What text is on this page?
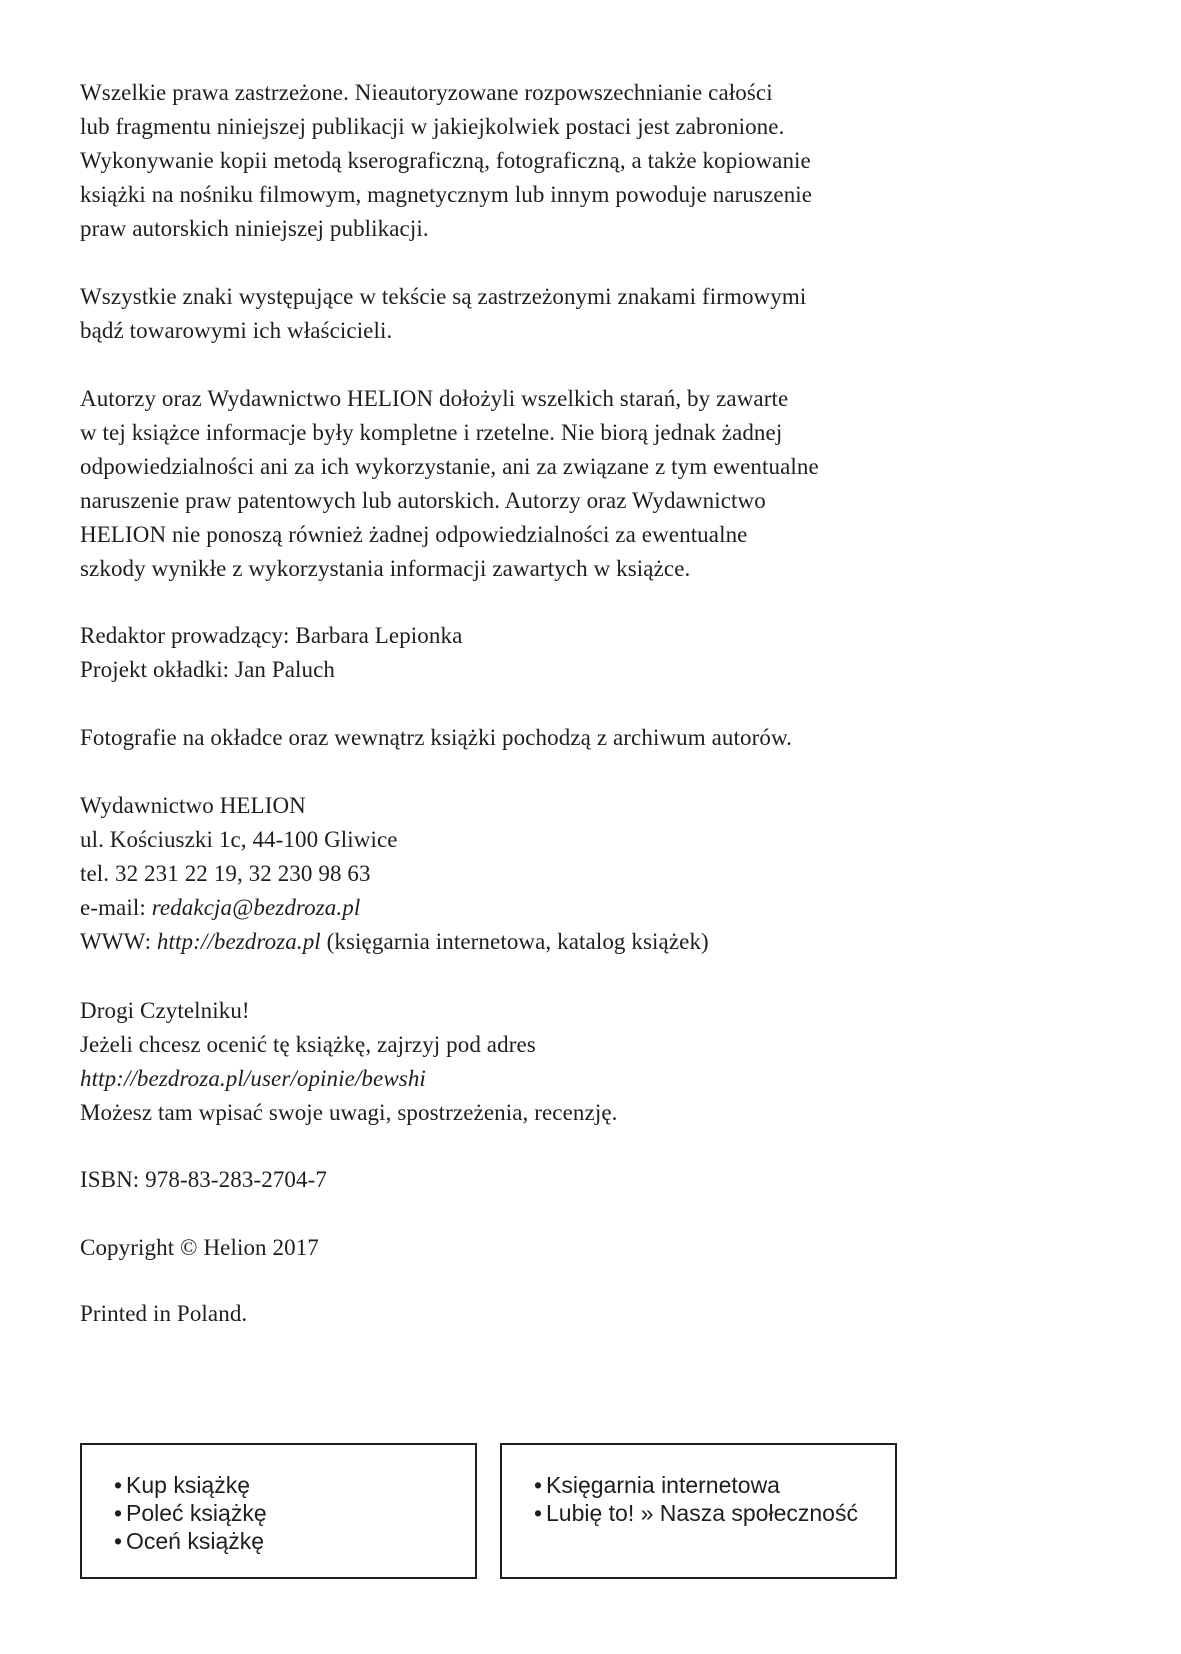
Wszelkie prawa zastrzeżone. Nieautoryzowane rozpowszechnianie całości
lub fragmentu niniejszej publikacji w jakiejkolwiek postaci jest zabronione.
Wykonywanie kopii metodą kserograficzną, fotograficzną, a także kopiowanie
książki na nośniku filmowym, magnetycznym lub innym powoduje naruszenie
praw autorskich niniejszej publikacji.
Wszystkie znaki występujące w tekście są zastrzeżonymi znakami firmowymi
bądź towarowymi ich właścicieli.
Autorzy oraz Wydawnictwo HELION dołożyli wszelkich starań, by zawarte
w tej książce informacje były kompletne i rzetelne. Nie biorą jednak żadnej
odpowiedzialności ani za ich wykorzystanie, ani za związane z tym ewentualne
naruszenie praw patentowych lub autorskich. Autorzy oraz Wydawnictwo
HELION nie ponoszą również żadnej odpowiedzialności za ewentualne
szkody wynikłe z wykorzystania informacji zawartych w książce.
Redaktor prowadzący: Barbara Lepionka
Projekt okładki: Jan Paluch
Fotografie na okładce oraz wewnątrz książki pochodzą z archiwum autorów.
Wydawnictwo HELION
ul. Kościuszki 1c, 44-100 Gliwice
tel. 32 231 22 19, 32 230 98 63
e-mail: redakcja@bezdroza.pl
WWW: http://bezdroza.pl (księgarnia internetowa, katalog książek)
Drogi Czytelniku!
Jeżeli chcesz ocenić tę książkę, zajrzyj pod adres
http://bezdroza.pl/user/opinie/bewshi
Możesz tam wpisać swoje uwagi, spostrzeżenia, recenzję.
ISBN: 978-83-283-2704-7
Copyright © Helion 2017
Printed in Poland.
• Kup książkę
• Poleć książkę
• Oceń książkę
• Księgarnia internetowa
• Lubię to! » Nasza społeczność
